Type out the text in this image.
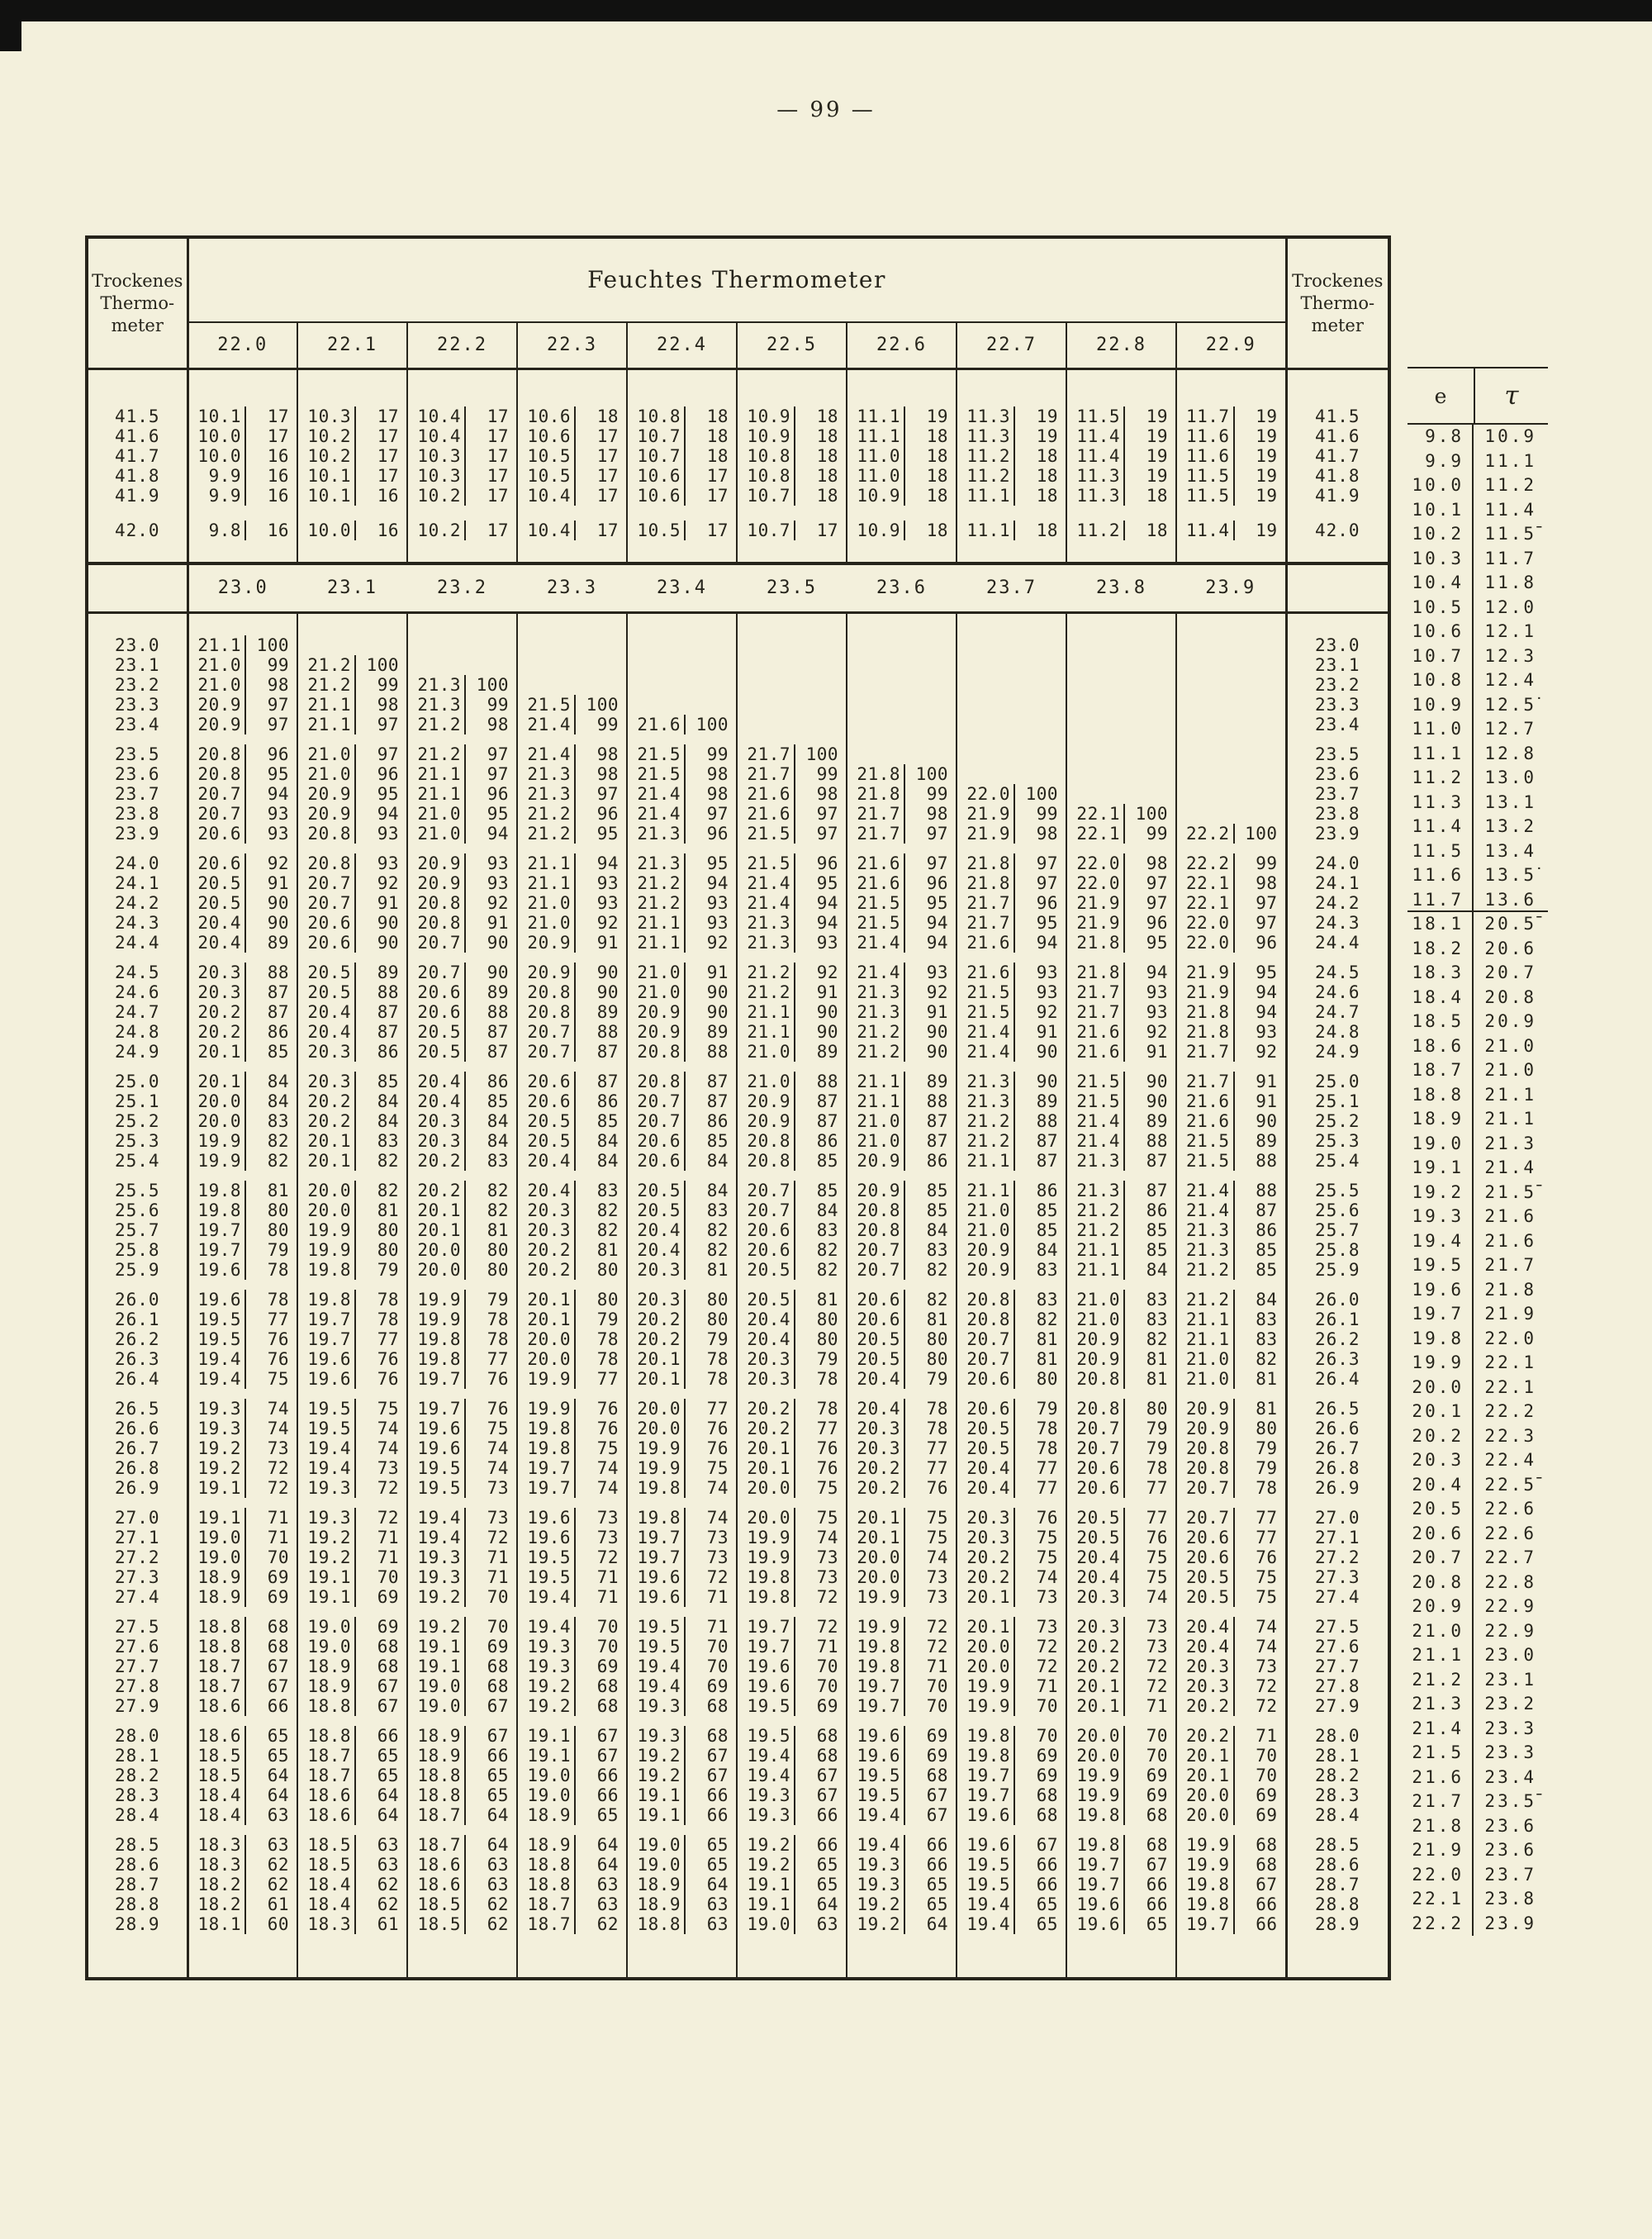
— 99 —
Trockenes
Thermo-
meter
	Feuchtes Thermometer	Trockenes
Thermo-
meter

	22.0	22.1	22.2	22.3	22.4	22.5	22.6	22.7	22.8	22.9	

41.5	10.1 17	10.3 17	10.4 17	10.6 18	10.8 18	10.9 18	11.1 19	11.3 19	11.5 19	11.7 19	41.5
41.6	10.0 17	10.2 17	10.4 17	10.6 17	10.7 18	10.9 18	11.1 18	11.3 19	11.4 19	11.6 19	41.6
41.7	10.0 16	10.2 17	10.3 17	10.5 17	10.7 18	10.8 18	11.0 18	11.2 18	11.4 19	11.6 19	41.7
41.8	9.9 16	10.1 17	10.3 17	10.5 17	10.6 17	10.8 18	11.0 18	11.2 18	11.3 19	11.5 19	41.8
41.9	9.9 16	10.1 16	10.2 17	10.4 17	10.6 17	10.7 18	10.9 18	11.1 18	11.3 18	11.5 19	41.9

42.0	9.8 16	10.0 16	10.2 17	10.4 17	10.5 17	10.7 17	10.9 18	11.1 18	11.2 18	11.4 19	42.0

	23.0	23.1	23.2	23.3	23.4	23.5	23.6	23.7	23.8	23.9	

23.0	21.1 100										23.0
23.1	21.0 99	21.2 100									23.1
23.2	21.0 98	21.2 99	21.3 100								23.2
23.3	20.9 97	21.1 98	21.3 99	21.5 100							23.3
23.4	20.9 97	21.1 97	21.2 98	21.4 99	21.6 100						23.4

23.5	20.8 96	21.0 97	21.2 97	21.4 98	21.5 99	21.7 100					23.5
23.6	20.8 95	21.0 96	21.1 97	21.3 98	21.5 98	21.7 99	21.8 100				23.6
23.7	20.7 94	20.9 95	21.1 96	21.3 97	21.4 98	21.6 98	21.8 99	22.0 100			23.7
23.8	20.7 93	20.9 94	21.0 95	21.2 96	21.4 97	21.6 97	21.7 98	21.9 99	22.1 100		23.8
23.9	20.6 93	20.8 93	21.0 94	21.2 95	21.3 96	21.5 97	21.7 97	21.9 98	22.1 99	22.2 100	23.9

24.0	20.6 92	20.8 93	20.9 93	21.1 94	21.3 95	21.5 96	21.6 97	21.8 97	22.0 98	22.2 99	24.0
24.1	20.5 91	20.7 92	20.9 93	21.1 93	21.2 94	21.4 95	21.6 96	21.8 97	22.0 97	22.1 98	24.1
24.2	20.5 90	20.7 91	20.8 92	21.0 93	21.2 93	21.4 94	21.5 95	21.7 96	21.9 97	22.1 97	24.2
24.3	20.4 90	20.6 90	20.8 91	21.0 92	21.1 93	21.3 94	21.5 94	21.7 95	21.9 96	22.0 97	24.3
24.4	20.4 89	20.6 90	20.7 90	20.9 91	21.1 92	21.3 93	21.4 94	21.6 94	21.8 95	22.0 96	24.4

24.5	20.3 88	20.5 89	20.7 90	20.9 90	21.0 91	21.2 92	21.4 93	21.6 93	21.8 94	21.9 95	24.5
24.6	20.3 87	20.5 88	20.6 89	20.8 90	21.0 90	21.2 91	21.3 92	21.5 93	21.7 93	21.9 94	24.6
24.7	20.2 87	20.4 87	20.6 88	20.8 89	20.9 90	21.1 90	21.3 91	21.5 92	21.7 93	21.8 94	24.7
24.8	20.2 86	20.4 87	20.5 87	20.7 88	20.9 89	21.1 90	21.2 90	21.4 91	21.6 92	21.8 93	24.8
24.9	20.1 85	20.3 86	20.5 87	20.7 87	20.8 88	21.0 89	21.2 90	21.4 90	21.6 91	21.7 92	24.9

25.0	20.1 84	20.3 85	20.4 86	20.6 87	20.8 87	21.0 88	21.1 89	21.3 90	21.5 90	21.7 91	25.0
25.1	20.0 84	20.2 84	20.4 85	20.6 86	20.7 87	20.9 87	21.1 88	21.3 89	21.5 90	21.6 91	25.1
25.2	20.0 83	20.2 84	20.3 84	20.5 85	20.7 86	20.9 87	21.0 87	21.2 88	21.4 89	21.6 90	25.2
25.3	19.9 82	20.1 83	20.3 84	20.5 84	20.6 85	20.8 86	21.0 87	21.2 87	21.4 88	21.5 89	25.3
25.4	19.9 82	20.1 82	20.2 83	20.4 84	20.6 84	20.8 85	20.9 86	21.1 87	21.3 87	21.5 88	25.4

25.5	19.8 81	20.0 82	20.2 82	20.4 83	20.5 84	20.7 85	20.9 85	21.1 86	21.3 87	21.4 88	25.5
25.6	19.8 80	20.0 81	20.1 82	20.3 82	20.5 83	20.7 84	20.8 85	21.0 85	21.2 86	21.4 87	25.6
25.7	19.7 80	19.9 80	20.1 81	20.3 82	20.4 82	20.6 83	20.8 84	21.0 85	21.2 85	21.3 86	25.7
25.8	19.7 79	19.9 80	20.0 80	20.2 81	20.4 82	20.6 82	20.7 83	20.9 84	21.1 85	21.3 85	25.8
25.9	19.6 78	19.8 79	20.0 80	20.2 80	20.3 81	20.5 82	20.7 82	20.9 83	21.1 84	21.2 85	25.9

26.0	19.6 78	19.8 78	19.9 79	20.1 80	20.3 80	20.5 81	20.6 82	20.8 83	21.0 83	21.2 84	26.0
26.1	19.5 77	19.7 78	19.9 78	20.1 79	20.2 80	20.4 80	20.6 81	20.8 82	21.0 83	21.1 83	26.1
26.2	19.5 76	19.7 77	19.8 78	20.0 78	20.2 79	20.4 80	20.5 80	20.7 81	20.9 82	21.1 83	26.2
26.3	19.4 76	19.6 76	19.8 77	20.0 78	20.1 78	20.3 79	20.5 80	20.7 81	20.9 81	21.0 82	26.3
26.4	19.4 75	19.6 76	19.7 76	19.9 77	20.1 78	20.3 78	20.4 79	20.6 80	20.8 81	21.0 81	26.4

26.5	19.3 74	19.5 75	19.7 76	19.9 76	20.0 77	20.2 78	20.4 78	20.6 79	20.8 80	20.9 81	26.5
26.6	19.3 74	19.5 74	19.6 75	19.8 76	20.0 76	20.2 77	20.3 78	20.5 78	20.7 79	20.9 80	26.6
26.7	19.2 73	19.4 74	19.6 74	19.8 75	19.9 76	20.1 76	20.3 77	20.5 78	20.7 79	20.8 79	26.7
26.8	19.2 72	19.4 73	19.5 74	19.7 74	19.9 75	20.1 76	20.2 77	20.4 77	20.6 78	20.8 79	26.8
26.9	19.1 72	19.3 72	19.5 73	19.7 74	19.8 74	20.0 75	20.2 76	20.4 77	20.6 77	20.7 78	26.9

27.0	19.1 71	19.3 72	19.4 73	19.6 73	19.8 74	20.0 75	20.1 75	20.3 76	20.5 77	20.7 77	27.0
27.1	19.0 71	19.2 71	19.4 72	19.6 73	19.7 73	19.9 74	20.1 75	20.3 75	20.5 76	20.6 77	27.1
27.2	19.0 70	19.2 71	19.3 71	19.5 72	19.7 73	19.9 73	20.0 74	20.2 75	20.4 75	20.6 76	27.2
27.3	18.9 69	19.1 70	19.3 71	19.5 71	19.6 72	19.8 73	20.0 73	20.2 74	20.4 75	20.5 75	27.3
27.4	18.9 69	19.1 69	19.2 70	19.4 71	19.6 71	19.8 72	19.9 73	20.1 73	20.3 74	20.5 75	27.4

27.5	18.8 68	19.0 69	19.2 70	19.4 70	19.5 71	19.7 72	19.9 72	20.1 73	20.3 73	20.4 74	27.5
27.6	18.8 68	19.0 68	19.1 69	19.3 70	19.5 70	19.7 71	19.8 72	20.0 72	20.2 73	20.4 74	27.6
27.7	18.7 67	18.9 68	19.1 68	19.3 69	19.4 70	19.6 70	19.8 71	20.0 72	20.2 72	20.3 73	27.7
27.8	18.7 67	18.9 67	19.0 68	19.2 68	19.4 69	19.6 70	19.7 70	19.9 71	20.1 72	20.3 72	27.8
27.9	18.6 66	18.8 67	19.0 67	19.2 68	19.3 68	19.5 69	19.7 70	19.9 70	20.1 71	20.2 72	27.9

28.0	18.6 65	18.8 66	18.9 67	19.1 67	19.3 68	19.5 68	19.6 69	19.8 70	20.0 70	20.2 71	28.0
28.1	18.5 65	18.7 65	18.9 66	19.1 67	19.2 67	19.4 68	19.6 69	19.8 69	20.0 70	20.1 70	28.1
28.2	18.5 64	18.7 65	18.8 65	19.0 66	19.2 67	19.4 67	19.5 68	19.7 69	19.9 69	20.1 70	28.2
28.3	18.4 64	18.6 64	18.8 65	19.0 66	19.1 66	19.3 67	19.5 67	19.7 68	19.9 69	20.0 69	28.3
28.4	18.4 63	18.6 64	18.7 64	18.9 65	19.1 66	19.3 66	19.4 67	19.6 68	19.8 68	20.0 69	28.4

28.5	18.3 63	18.5 63	18.7 64	18.9 64	19.0 65	19.2 66	19.4 66	19.6 67	19.8 68	19.9 68	28.5
28.6	18.3 62	18.5 63	18.6 63	18.8 64	19.0 65	19.2 65	19.3 66	19.5 66	19.7 67	19.9 68	28.6
28.7	18.2 62	18.4 62	18.6 63	18.8 63	18.9 64	19.1 65	19.3 65	19.5 66	19.7 66	19.8 67	28.7
28.8	18.2 61	18.4 62	18.5 62	18.7 63	18.9 63	19.1 64	19.2 65	19.4 65	19.6 66	19.8 66	28.8
28.9	18.1 60	18.3 61	18.5 62	18.7 62	18.8 63	19.0 63	19.2 64	19.4 65	19.6 65	19.7 66	28.9

e	τ
9.8	10.9
9.9	11.1
10.0	11.2
10.1	11.4
10.2	11.5̄
10.3	11.7
10.4	11.8
10.5	12.0
10.6	12.1
10.7	12.3
10.8	12.4
10.9	12.5̇
11.0	12.7
11.1	12.8
11.2	13.0
11.3	13.1
11.4	13.2
11.5	13.4
11.6	13.5̇
11.7	13.6
18.1	20.5̄
18.2	20.6
18.3	20.7
18.4	20.8
18.5	20.9
18.6	21.0
18.7	21.0
18.8	21.1
18.9	21.1
19.0	21.3
19.1	21.4
19.2	21.5̄
19.3	21.6
19.4	21.6
19.5	21.7
19.6	21.8
19.7	21.9
19.8	22.0
19.9	22.1
20.0	22.1
20.1	22.2
20.2	22.3
20.3	22.4
20.4	22.5̄
20.5	22.6
20.6	22.6
20.7	22.7
20.8	22.8
20.9	22.9
21.0	22.9
21.1	23.0
21.2	23.1
21.3	23.2
21.4	23.3
21.5	23.3
21.6	23.4
21.7	23.5̄
21.8	23.6
21.9	23.6
22.0	23.7
22.1	23.8
22.2	23.9
